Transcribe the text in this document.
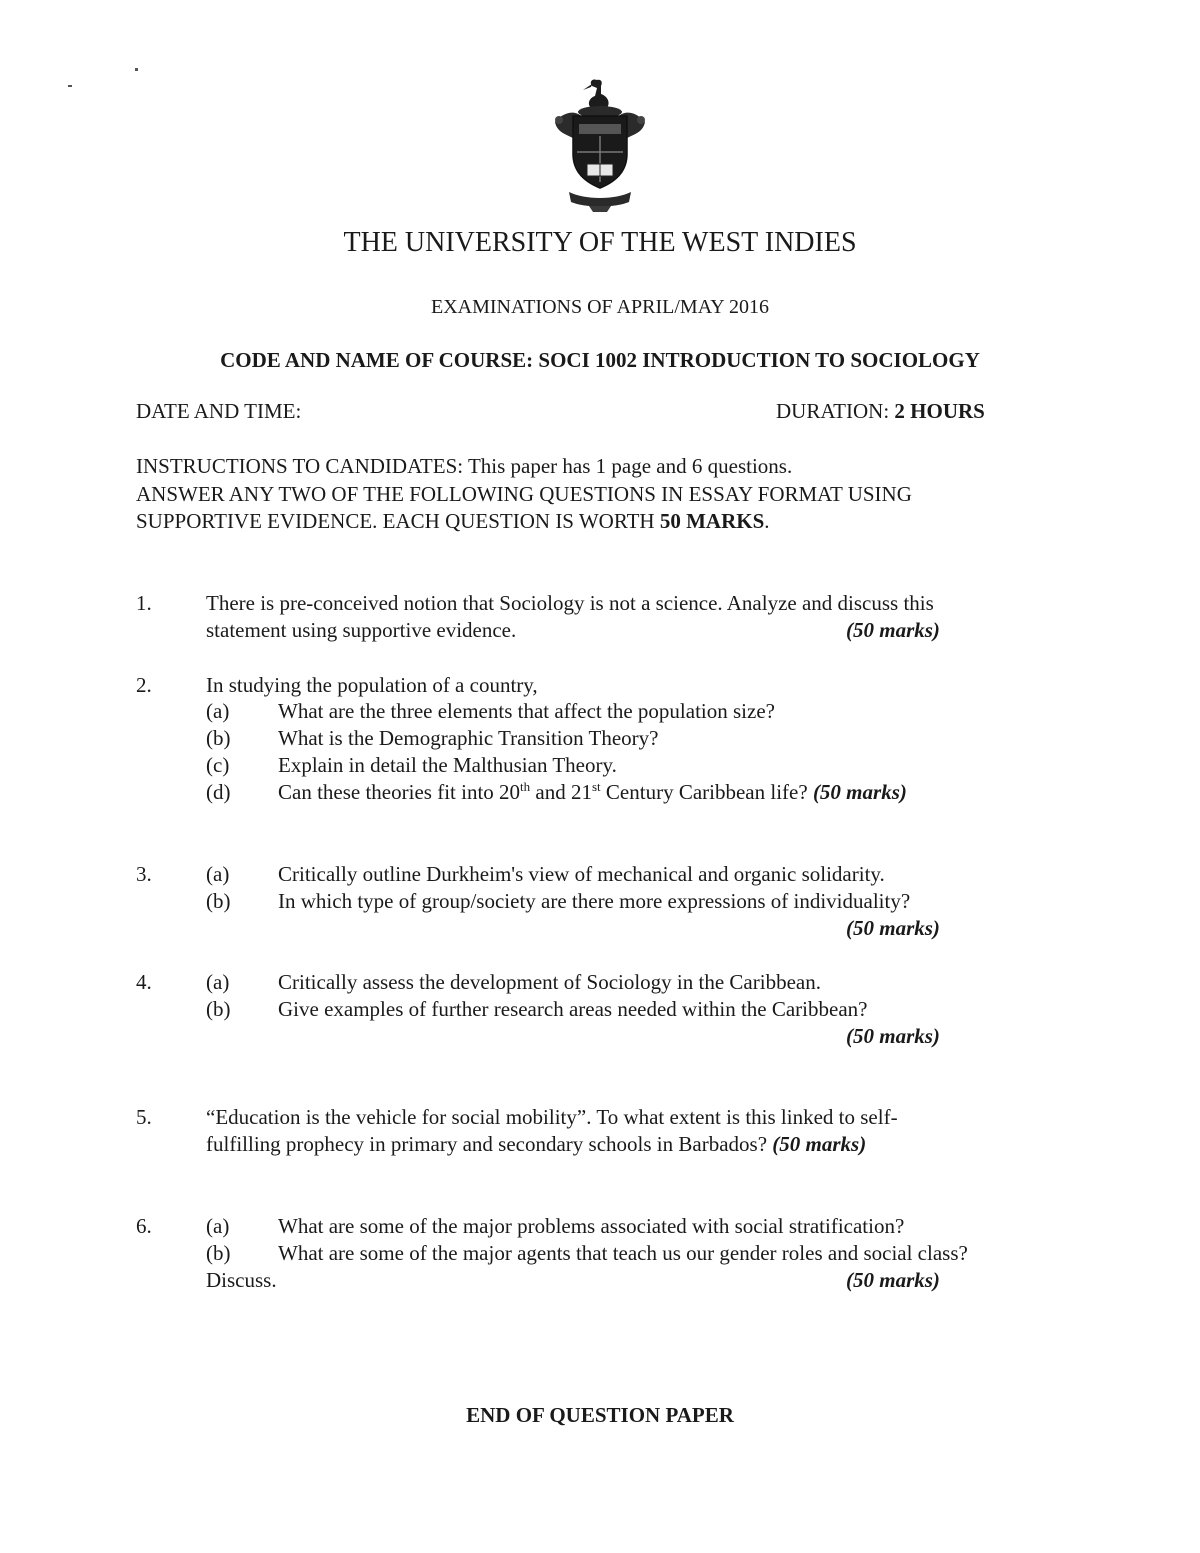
THE UNIVERSITY OF THE WEST INDIES
EXAMINATIONS OF APRIL/MAY 2016
CODE AND NAME OF COURSE: SOCI 1002 INTRODUCTION TO SOCIOLOGY
DATE AND TIME:	DURATION: 2 HOURS
INSTRUCTIONS TO CANDIDATES: This paper has 1 page and 6 questions.
ANSWER ANY TWO OF THE FOLLOWING QUESTIONS IN ESSAY FORMAT USING
SUPPORTIVE EVIDENCE. EACH QUESTION IS WORTH 50 MARKS.
1.	There is pre-conceived notion that Sociology is not a science. Analyze and discuss this
statement using supportive evidence.	(50 marks)
2.	In studying the population of a country,
(a) What are the three elements that affect the population size?
(b) What is the Demographic Transition Theory?
(c) Explain in detail the Malthusian Theory.
(d) Can these theories fit into 20th and 21st Century Caribbean life? (50 marks)
3.	(a) Critically outline Durkheim's view of mechanical and organic solidarity.
(b) In which type of group/society are there more expressions of individuality?
(50 marks)
4.	(a) Critically assess the development of Sociology in the Caribbean.
(b) Give examples of further research areas needed within the Caribbean?
(50 marks)
5.	“Education is the vehicle for social mobility”. To what extent is this linked to self-
fulfilling prophecy in primary and secondary schools in Barbados? (50 marks)
6.	(a) What are some of the major problems associated with social stratification?
(b) What are some of the major agents that teach us our gender roles and social class?
Discuss.	(50 marks)
END OF QUESTION PAPER
